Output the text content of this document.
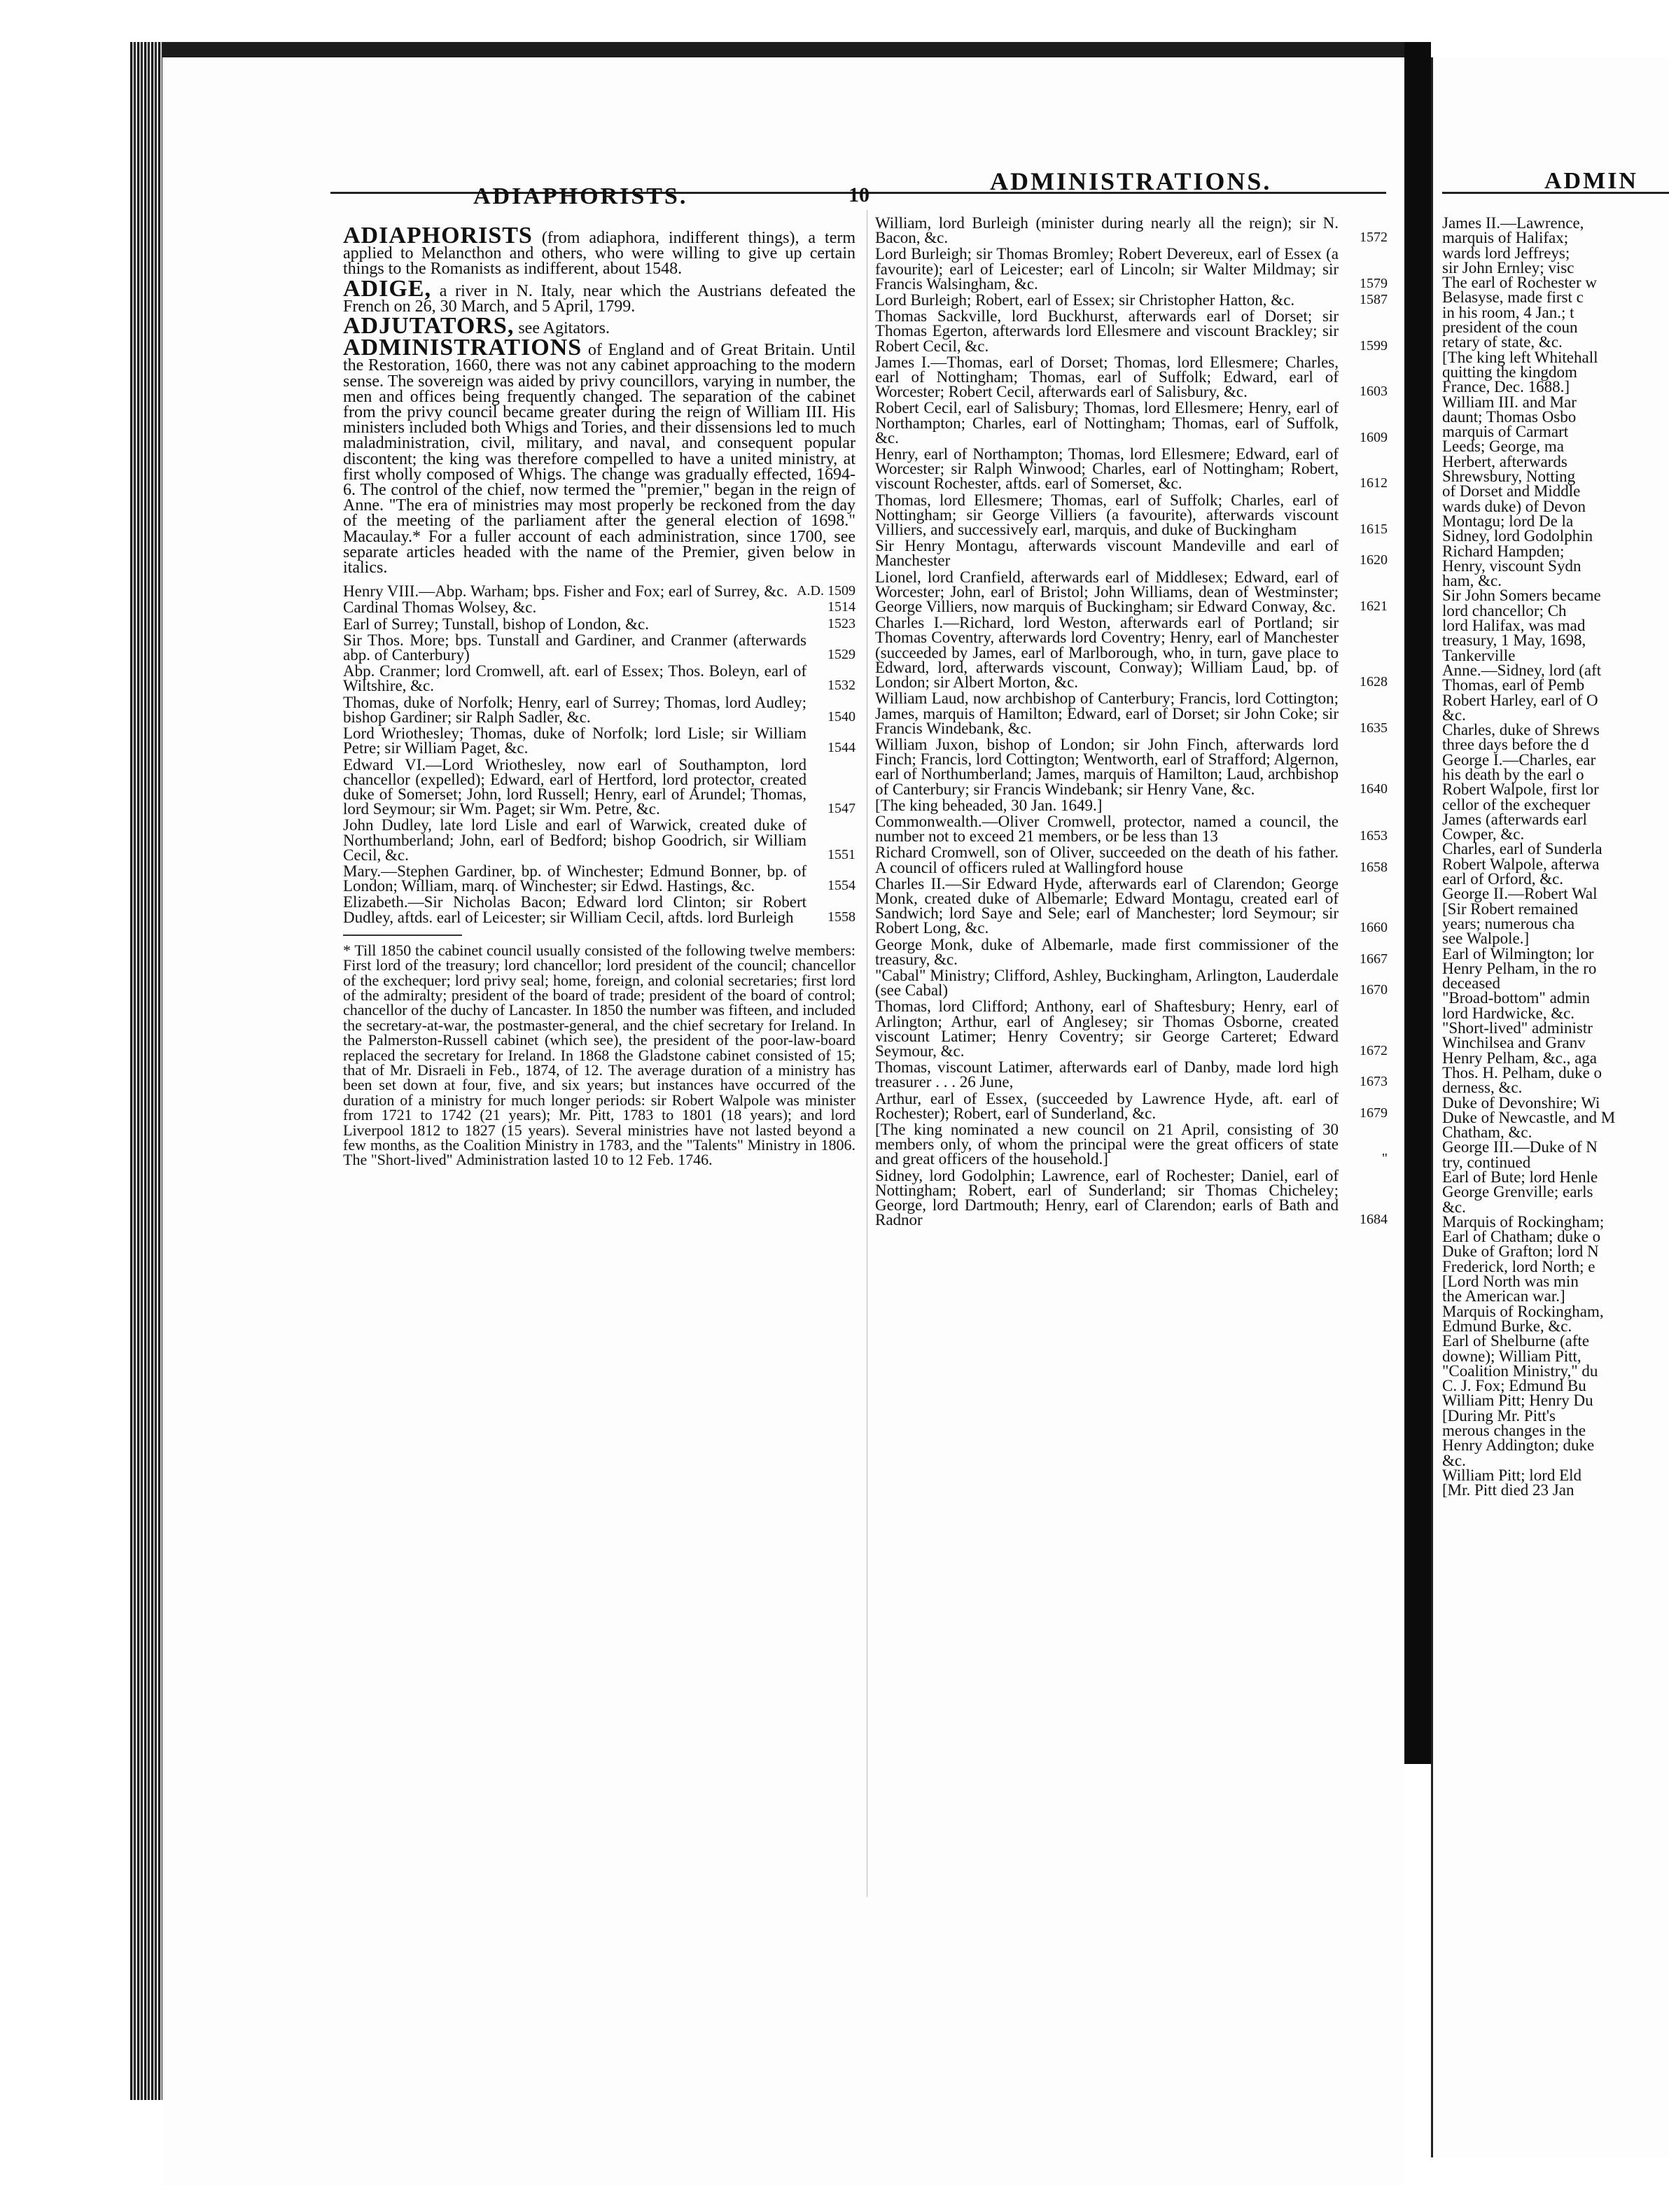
ADIAPHORISTS.	10	ADMINISTRATIONS.	ADMIN

ADIAPHORISTS (from adiaphora, indifferent things), a term applied to Melancthon and others, who were willing to give up certain things to the Romanists as indifferent, about 1548.

ADIGE, a river in N. Italy, near which the Austrians defeated the French on 26, 30 March, and 5 April, 1799.

ADJUTATORS, see Agitators.

ADMINISTRATIONS of England and of Great Britain. Until the Restoration, 1660, there was not any cabinet approaching to the modern sense. The sovereign was aided by privy councillors, varying in number, the men and offices being frequently changed. The separation of the cabinet from the privy council became greater during the reign of William III. His ministers included both Whigs and Tories, and their dissensions led to much maladministration, civil, military, and naval, and consequent popular discontent; the king was therefore compelled to have a united ministry, at first wholly composed of Whigs. The change was gradually effected, 1694-6. The control of the chief, now termed the "premier," began in the reign of Anne. "The era of ministries may most properly be reckoned from the day of the meeting of the parliament after the general election of 1698." Macaulay.* For a fuller account of each administration, since 1700, see separate articles headed with the name of the Premier, given below in italics.

Henry VIII.—Abp. Warham; bps. Fisher and Fox; earl of Surrey, &c. A.D. 1509
Cardinal Thomas Wolsey, &c.	1514
Earl of Surrey; Tunstall, bishop of London, &c.	1523
Sir Thos. More; bps. Tunstall and Gardiner, and Cranmer (afterwards abp. of Canterbury)	1529
Abp. Cranmer; lord Cromwell, aft. earl of Essex; Thos. Boleyn, earl of Wiltshire, &c.	1532
Thomas, duke of Norfolk; Henry, earl of Surrey; Thomas, lord Audley; bishop Gardiner; sir Ralph Sadler, &c.	1540
Lord Wriothesley; Thomas, duke of Norfolk; lord Lisle; sir William Petre; sir William Paget, &c.	1544
Edward VI.—Lord Wriothesley, now earl of Southampton, lord chancellor (expelled); Edward, earl of Hertford, lord protector, created duke of Somerset; John, lord Russell; Henry, earl of Arundel; Thomas, lord Seymour; sir Wm. Paget; sir Wm. Petre, &c.	1547
John Dudley, late lord Lisle and earl of Warwick, created duke of Northumberland; John, earl of Bedford; bishop Goodrich, sir William Cecil, &c.	1551
Mary.—Stephen Gardiner, bp. of Winchester; Edmund Bonner, bp. of London; William, marq. of Winchester; sir Edwd. Hastings, &c.	1554
Elizabeth.—Sir Nicholas Bacon; Edward lord Clinton; sir Robert Dudley, aftds. earl of Leicester; sir William Cecil, aftds. lord Burleigh 1558

* Till 1850 the cabinet council usually consisted of the following twelve members: First lord of the treasury; lord chancellor; lord president of the council; chancellor of the exchequer; lord privy seal; home, foreign, and colonial secretaries; first lord of the admiralty; president of the board of trade; president of the board of control; chancellor of the duchy of Lancaster. In 1850 the number was fifteen, and included the secretary-at-war, the postmaster-general, and the chief secretary for Ireland. In the Palmerston-Russell cabinet (which see), the president of the poor-law-board replaced the secretary for Ireland. In 1868 the Gladstone cabinet consisted of 15; that of Mr. Disraeli in Feb., 1874, of 12. The average duration of a ministry has been set down at four, five, and six years; but instances have occurred of the duration of a ministry for much longer periods: sir Robert Walpole was minister from 1721 to 1742 (21 years); Mr. Pitt, 1783 to 1801 (18 years); and lord Liverpool 1812 to 1827 (15 years). Several ministries have not lasted beyond a few months, as the Coalition Ministry in 1783, and the "Talents" Ministry in 1806. The "Short-lived" Administration lasted 10 to 12 Feb. 1746.

William, lord Burleigh (minister during nearly all the reign); sir N. Bacon, &c.	1572
Lord Burleigh; sir Thomas Bromley; Robert Devereux, earl of Essex (a favourite); earl of Leicester; earl of Lincoln; sir Walter Mildmay; sir Francis Walsingham, &c.	1579
Lord Burleigh; Robert, earl of Essex; sir Christopher Hatton, &c.	1587
Thomas Sackville, lord Buckhurst, afterwards earl of Dorset; sir Thomas Egerton, afterwards lord Ellesmere and viscount Brackley; sir Robert Cecil, &c.	1599
James I.—Thomas, earl of Dorset; Thomas, lord Ellesmere; Charles, earl of Nottingham; Thomas, earl of Suffolk; Edward, earl of Worcester; Robert Cecil, afterwards earl of Salisbury, &c.	1603
Robert Cecil, earl of Salisbury; Thomas, lord Ellesmere; Henry, earl of Northampton; Charles, earl of Nottingham; Thomas, earl of Suffolk, &c.	1609
Henry, earl of Northampton; Thomas, lord Ellesmere; Edward, earl of Worcester; sir Ralph Winwood; Charles, earl of Nottingham; Robert, viscount Rochester, aftds. earl of Somerset, &c.	1612
Thomas, lord Ellesmere; Thomas, earl of Suffolk; Charles, earl of Nottingham; sir George Villiers (a favourite), afterwards viscount Villiers, and successively earl, marquis, and duke of Buckingham	1615
Sir Henry Montagu, afterwards viscount Mandeville and earl of Manchester	1620
Lionel, lord Cranfield, afterwards earl of Middlesex; Edward, earl of Worcester; John, earl of Bristol; John Williams, dean of Westminster; George Villiers, now marquis of Buckingham; sir Edward Conway, &c. 1621
Charles I.—Richard, lord Weston, afterwards earl of Portland; sir Thomas Coventry, afterwards lord Coventry; Henry, earl of Manchester (succeeded by James, earl of Marlborough, who, in turn, gave place to Edward, lord, afterwards viscount, Conway); William Laud, bp. of London; sir Albert Morton, &c.	1628
William Laud, now archbishop of Canterbury; Francis, lord Cottington; James, marquis of Hamilton; Edward, earl of Dorset; sir John Coke; sir Francis Windebank, &c.	1635
William Juxon, bishop of London; sir John Finch, afterwards lord Finch; Francis, lord Cottington; Wentworth, earl of Strafford; Algernon, earl of Northumberland; James, marquis of Hamilton; Laud, archbishop of Canterbury; sir Francis Windebank; sir Henry Vane, &c.	1640
[The king beheaded, 30 Jan. 1649.]
Commonwealth.—Oliver Cromwell, protector, named a council, the number not to exceed 21 members, or be less than 13	1653
Richard Cromwell, son of Oliver, succeeded on the death of his father. A council of officers ruled at Wallingford house	1658
Charles II.—Sir Edward Hyde, afterwards earl of Clarendon; George Monk, created duke of Albemarle; Edward Montagu, created earl of Sandwich; lord Saye and Sele; earl of Manchester; lord Seymour; sir Robert Long, &c.	1660
George Monk, duke of Albemarle, made first commissioner of the treasury, &c.	1667
"Cabal" Ministry; Clifford, Ashley, Buckingham, Arlington, Lauderdale (see Cabal)	1670
Thomas, lord Clifford; Anthony, earl of Shaftesbury; Henry, earl of Arlington; Arthur, earl of Anglesey; sir Thomas Osborne, created viscount Latimer; Henry Coventry; sir George Carteret; Edward Seymour, &c.	1672
Thomas, viscount Latimer, afterwards earl of Danby, made lord high treasurer . . . 26 June,	1673
Arthur, earl of Essex, (succeeded by Lawrence Hyde, aft. earl of Rochester); Robert, earl of Sunderland, &c.	1679
[The king nominated a new council on 21 April, consisting of 30 members only, of whom the principal were the great officers of state and great officers of the household.]	"
Sidney, lord Godolphin; Lawrence, earl of Rochester; Daniel, earl of Nottingham; Robert, earl of Sunderland; sir Thomas Chicheley; George, lord Dartmouth; Henry, earl of Clarendon; earls of Bath and Radnor	1684
James II.—Lawrence,
marquis of Halifax;
wards lord Jeffreys;
sir John Ernley; visc
The earl of Rochester w
Belasyse, made first c
in his room, 4 Jan.; t
president of the coun
retary of state, &c.
[The king left Whitehall
quitting the kingdom
France, Dec. 1688.]
William III. and Mar
daunt; Thomas Osbo
marquis of Carmart
Leeds; George, ma
Herbert, afterwards
Shrewsbury, Notting
of Dorset and Middle
wards duke) of Devon
Montagu; lord De la
Sidney, lord Godolphin
Richard Hampden;
Henry, viscount Sydn
ham, &c.
Sir John Somers became
lord chancellor; Ch
lord Halifax, was mad
treasury, 1 May, 1698,
Tankerville
Anne.—Sidney, lord (aft
Thomas, earl of Pemb
Robert Harley, earl of O
&c.
Charles, duke of Shrews
three days before the d
George I.—Charles, ear
his death by the earl o
Robert Walpole, first lor
cellor of the exchequer
James (afterwards earl
Cowper, &c.
Charles, earl of Sunderla
Robert Walpole, afterwa
earl of Orford, &c.
George II.—Robert Wal
[Sir Robert remained
years; numerous cha
see Walpole.]
Earl of Wilmington; lor
Henry Pelham, in the ro
deceased
"Broad-bottom" admin
lord Hardwicke, &c.
"Short-lived" administr
Winchilsea and Granv
Henry Pelham, &c., aga
Thos. H. Pelham, duke o
derness, &c.
Duke of Devonshire; Wi
Duke of Newcastle, and M
Chatham, &c.
George III.—Duke of N
try, continued
Earl of Bute; lord Henle
George Grenville; earls
&c.
Marquis of Rockingham;
Earl of Chatham; duke o
Duke of Grafton; lord N
Frederick, lord North; e
[Lord North was min
the American war.]
Marquis of Rockingham,
Edmund Burke, &c.
Earl of Shelburne (afte
downe); William Pitt,
"Coalition Ministry," du
C. J. Fox; Edmund Bu
William Pitt; Henry Du
[During Mr. Pitt's
merous changes in the
Henry Addington; duke
&c.
William Pitt; lord Eld
[Mr. Pitt died 23 Jan
